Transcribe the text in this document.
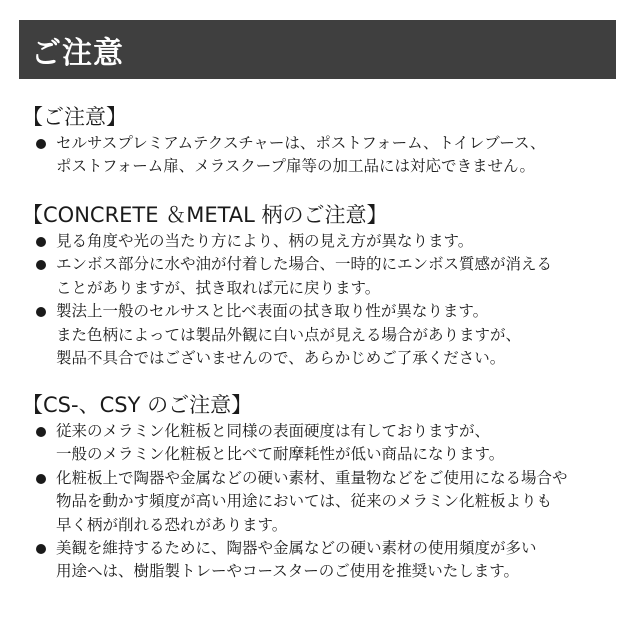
ご注意
【ご注意】
セルサスプレミアムテクスチャーは、ポストフォーム、トイレブース、
ポストフォーム扉、メラスクープ扉等の加工品には対応できません。
【CONCRETE ＆METAL 柄のご注意】
見る角度や光の当たり方により、柄の見え方が異なります。
エンボス部分に水や油が付着した場合、一時的にエンボス質感が消える
ことがありますが、拭き取れば元に戻ります。
製法上一般のセルサスと比べ表面の拭き取り性が異なります。
また色柄によっては製品外観に白い点が見える場合がありますが、
製品不具合ではございませんので、あらかじめご了承ください。
【CS-、CSY のご注意】
従来のメラミン化粧板と同様の表面硬度は有しておりますが、
一般のメラミン化粧板と比べて耐摩耗性が低い商品になります。
化粧板上で陶器や金属などの硬い素材、重量物などをご使用になる場合や
物品を動かす頻度が高い用途においては、従来のメラミン化粧板よりも
早く柄が削れる恐れがあります。
美観を維持するために、陶器や金属などの硬い素材の使用頻度が多い
用途へは、樹脂製トレーやコースターのご使用を推奨いたします。
